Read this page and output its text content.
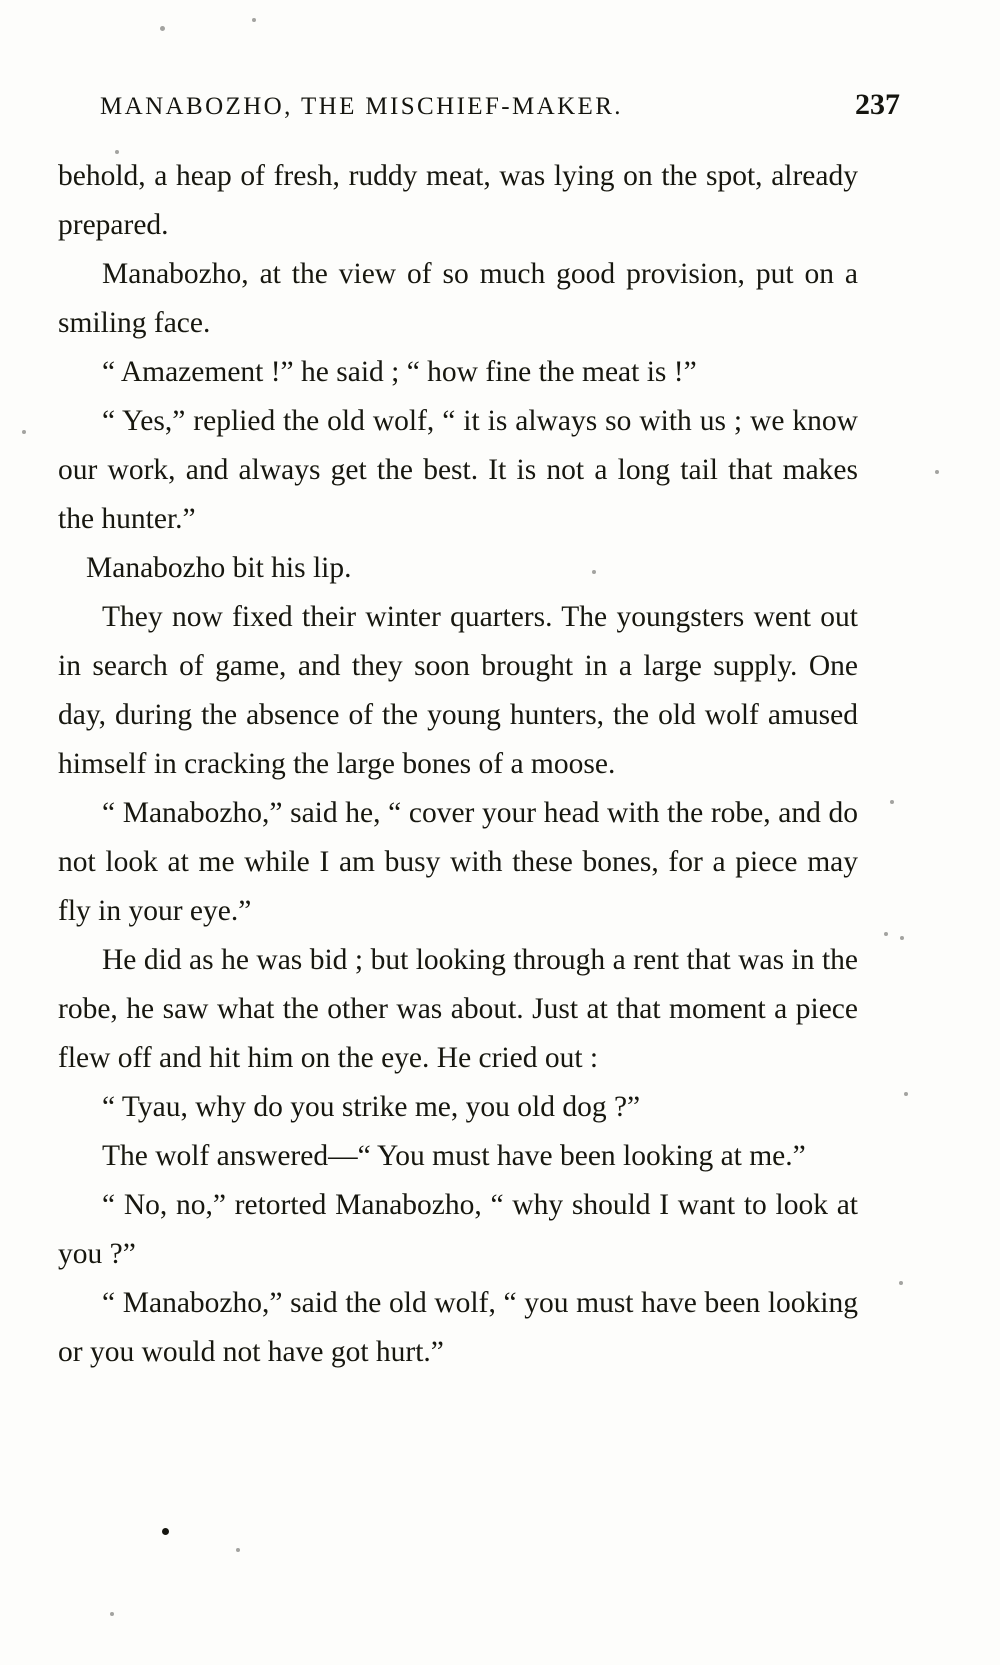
MANABOZHO, THE MISCHIEF-MAKER.	237

behold, a heap of fresh, ruddy meat, was lying on the spot, already prepared.

Manabozho, at the view of so much good provision, put on a smiling face.

“ Amazement !” he said ; “ how fine the meat is !”

“ Yes,” replied the old wolf, “ it is always so with us ; we know our work, and always get the best. It is not a long tail that makes the hunter.”

Manabozho bit his lip.

They now fixed their winter quarters. The youngsters went out in search of game, and they soon brought in a large supply. One day, during the absence of the young hunters, the old wolf amused himself in cracking the large bones of a moose.

“ Manabozho,” said he, “ cover your head with the robe, and do not look at me while I am busy with these bones, for a piece may fly in your eye.”

He did as he was bid ; but looking through a rent that was in the robe, he saw what the other was about. Just at that moment a piece flew off and hit him on the eye. He cried out :

“ Tyau, why do you strike me, you old dog ?”

The wolf answered—“ You must have been looking at me.”

“ No, no,” retorted Manabozho, “ why should I want to look at you ?”

“ Manabozho,” said the old wolf, “ you must have been looking or you would not have got hurt.”
